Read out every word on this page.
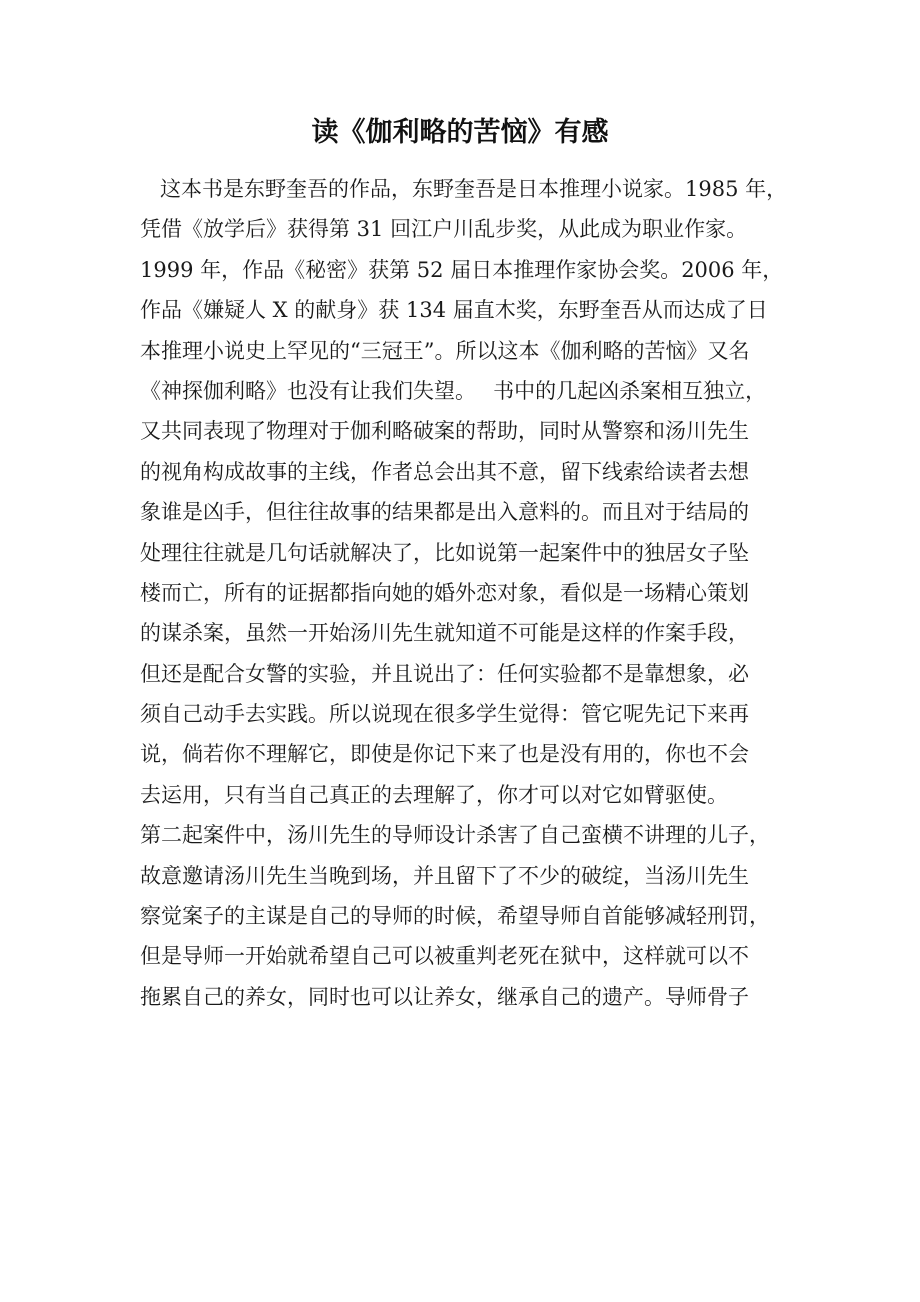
读《伽利略的苦恼》有感
这本书是东野奎吾的作品，东野奎吾是日本推理小说家。1985 年，
凭借《放学后》获得第 31 回江户川乱步奖，从此成为职业作家。
1999 年，作品《秘密》获第 52 届日本推理作家协会奖。2006 年，
作品《嫌疑人 X 的献身》获 134 届直木奖，东野奎吾从而达成了日
本推理小说史上罕见的“三冠王”。所以这本《伽利略的苦恼》又名
《神探伽利略》也没有让我们失望。　 书中的几起凶杀案相互独立，
又共同表现了物理对于伽利略破案的帮助，同时从警察和汤川先生
的视角构成故事的主线，作者总会出其不意，留下线索给读者去想
象谁是凶手，但往往故事的结果都是出入意料的。而且对于结局的
处理往往就是几句话就解决了，比如说第一起案件中的独居女子坠
楼而亡，所有的证据都指向她的婚外恋对象，看似是一场精心策划
的谋杀案，虽然一开始汤川先生就知道不可能是这样的作案手段，
但还是配合女警的实验，并且说出了：任何实验都不是靠想象，必
须自己动手去实践。所以说现在很多学生觉得：管它呢先记下来再
说，倘若你不理解它，即使是你记下来了也是没有用的，你也不会
去运用，只有当自己真正的去理解了，你才可以对它如臂驱使。
第二起案件中，汤川先生的导师设计杀害了自己蛮横不讲理的儿子，
故意邀请汤川先生当晚到场，并且留下了不少的破绽，当汤川先生
察觉案子的主谋是自己的导师的时候，希望导师自首能够减轻刑罚，
但是导师一开始就希望自己可以被重判老死在狱中，这样就可以不
拖累自己的养女，同时也可以让养女，继承自己的遗产。导师骨子
